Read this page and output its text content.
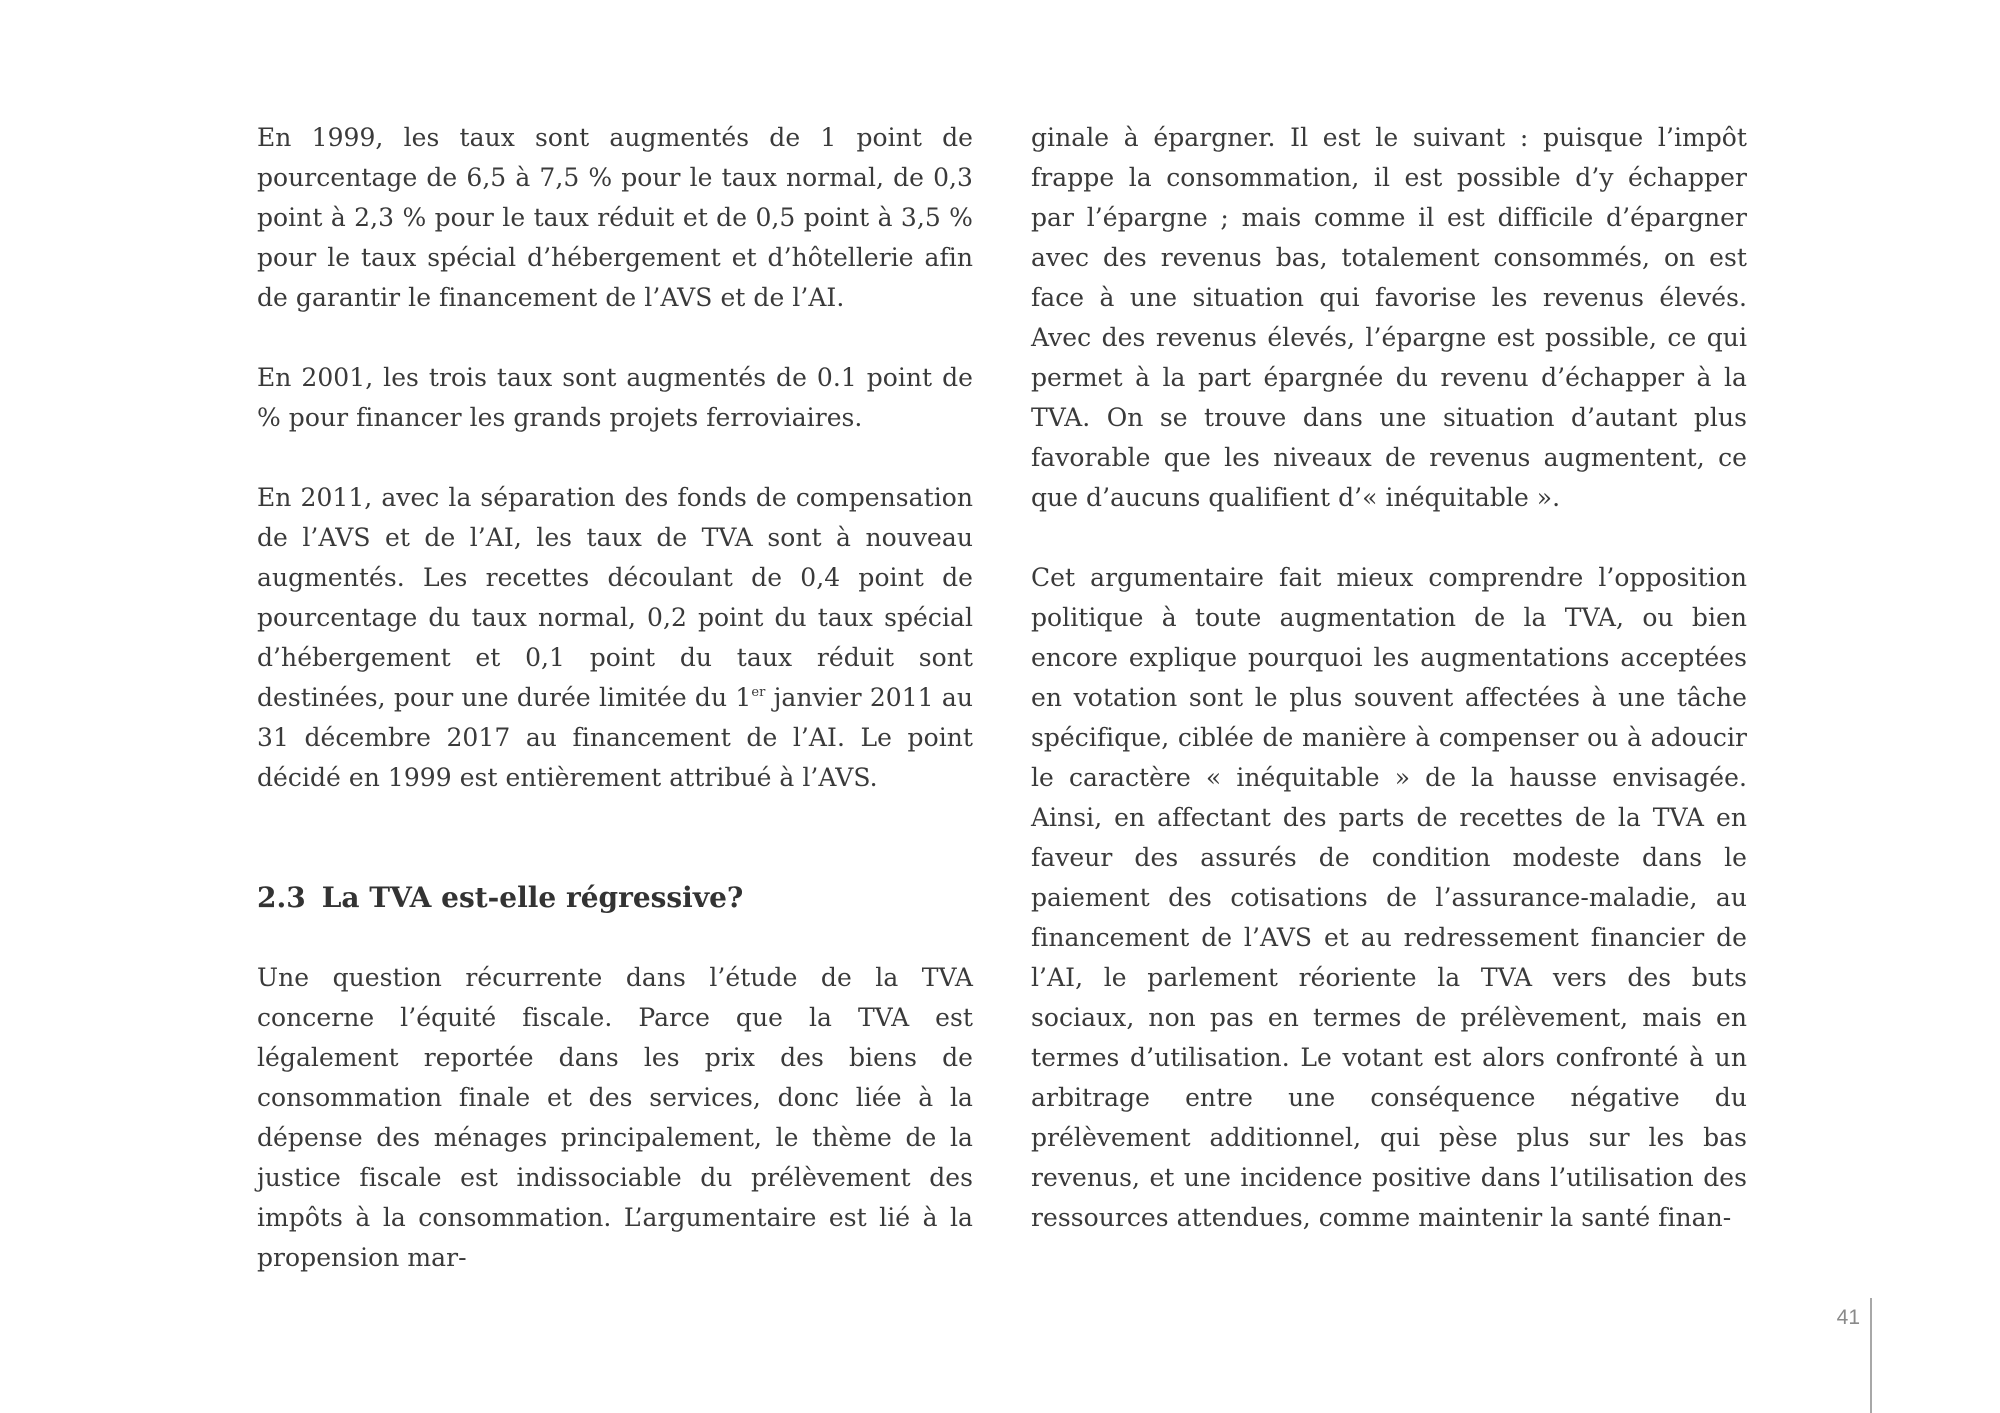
En 1999, les taux sont augmentés de 1 point de pourcentage de 6,5 à 7,5 % pour le taux normal, de 0,3 point à 2,3 % pour le taux réduit et de 0,5 point à 3,5 % pour le taux spécial d’hébergement et d’hôtellerie afin de garantir le financement de l’AVS et de l’AI.

En 2001, les trois taux sont augmentés de 0.1 point de % pour financer les grands projets ferroviaires.

En 2011, avec la séparation des fonds de compensation de l’AVS et de l’AI, les taux de TVA sont à nouveau augmentés. Les recettes découlant de 0,4 point de pourcentage du taux normal, 0,2 point du taux spécial d’hébergement et 0,1 point du taux réduit sont destinées, pour une durée limitée du 1er janvier 2011 au 31 décembre 2017 au financement de l’AI. Le point décidé en 1999 est entièrement attribué à l’AVS.

2.3 La TVA est-elle régressive?

Une question récurrente dans l’étude de la TVA concerne l’équité fiscale. Parce que la TVA est légalement reportée dans les prix des biens de consommation finale et des services, donc liée à la dépense des ménages principalement, le thème de la justice fiscale est indissociable du prélèvement des impôts à la consommation. L’argumentaire est lié à la propension mar-

ginale à épargner. Il est le suivant : puisque l’impôt frappe la consommation, il est possible d’y échapper par l’épargne ; mais comme il est difficile d’épargner avec des revenus bas, totalement consommés, on est face à une situation qui favorise les revenus élevés. Avec des revenus élevés, l’épargne est possible, ce qui permet à la part épargnée du revenu d’échapper à la TVA. On se trouve dans une situation d’autant plus favorable que les niveaux de revenus augmentent, ce que d’aucuns qualifient d’« inéquitable ».

Cet argumentaire fait mieux comprendre l’opposition politique à toute augmentation de la TVA, ou bien encore explique pourquoi les augmentations acceptées en votation sont le plus souvent affectées à une tâche spécifique, ciblée de manière à compenser ou à adoucir le caractère « inéquitable » de la hausse envisagée. Ainsi, en affectant des parts de recettes de la TVA en faveur des assurés de condition modeste dans le paiement des cotisations de l’assurance-maladie, au financement de l’AVS et au redressement financier de l’AI, le parlement réoriente la TVA vers des buts sociaux, non pas en termes de prélèvement, mais en termes d’utilisation. Le votant est alors confronté à un arbitrage entre une conséquence négative du prélèvement additionnel, qui pèse plus sur les bas revenus, et une incidence positive dans l’utilisation des ressources attendues, comme maintenir la santé finan-

41
